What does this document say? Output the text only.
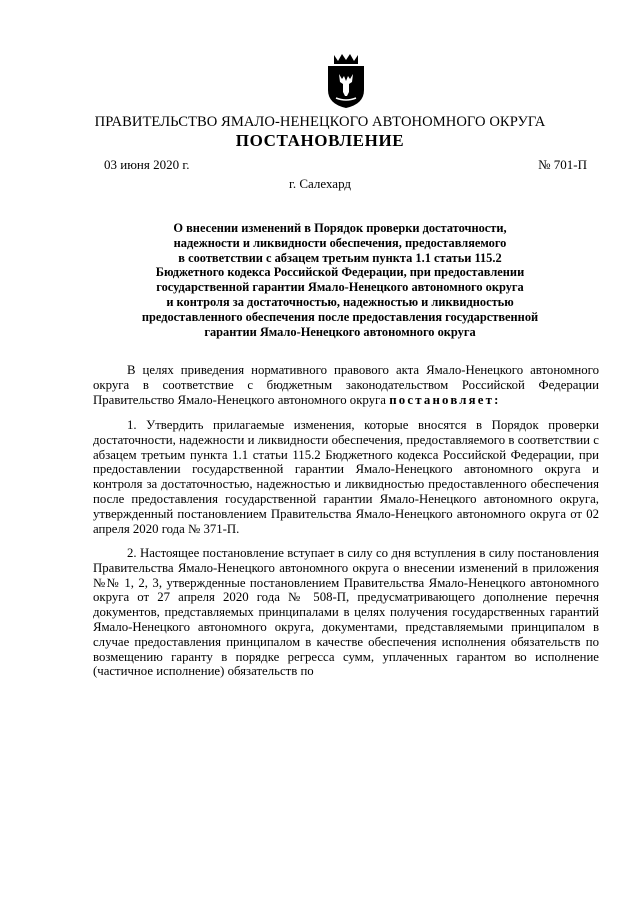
ПРАВИТЕЛЬСТВО ЯМАЛО-НЕНЕЦКОГО АВТОНОМНОГО ОКРУГА
ПОСТАНОВЛЕНИЕ
03 июня 2020 г.	№ 701-П
г. Салехард
О внесении изменений в Порядок проверки достаточности,
надежности и ликвидности обеспечения, предоставляемого
в соответствии с абзацем третьим пункта 1.1 статьи 115.2
Бюджетного кодекса Российской Федерации, при предоставлении
государственной гарантии Ямало-Ненецкого автономного округа
и контроля за достаточностью, надежностью и ликвидностью
предоставленного обеспечения после предоставления государственной
гарантии Ямало-Ненецкого автономного округа

В целях приведения нормативного правового акта Ямало-Ненецкого автономного округа в соответствие с бюджетным законодательством Российской Федерации Правительство Ямало-Ненецкого автономного округа постановляет:

1. Утвердить прилагаемые изменения, которые вносятся в Порядок проверки достаточности, надежности и ликвидности обеспечения, предоставляемого в соответствии с абзацем третьим пункта 1.1 статьи 115.2 Бюджетного кодекса Российской Федерации, при предоставлении государственной гарантии Ямало-Ненецкого автономного округа и контроля за достаточностью, надежностью и ликвидностью предоставленного обеспечения после предоставления государственной гарантии Ямало-Ненецкого автономного округа, утвержденный постановлением Правительства Ямало-Ненецкого автономного округа от 02 апреля 2020 года № 371-П.

2. Настоящее постановление вступает в силу со дня вступления в силу постановления Правительства Ямало-Ненецкого автономного округа о внесении изменений в приложения №№ 1, 2, 3, утвержденные постановлением Правительства Ямало-Ненецкого автономного округа от 27 апреля 2020 года № 508-П, предусматривающего дополнение перечня документов, представляемых принципалами в целях получения государственных гарантий Ямало-Ненецкого автономного округа, документами, представляемыми принципалом в случае предоставления принципалом в качестве обеспечения исполнения обязательств по возмещению гаранту в порядке регресса сумм, уплаченных гарантом во исполнение (частичное исполнение) обязательств по
